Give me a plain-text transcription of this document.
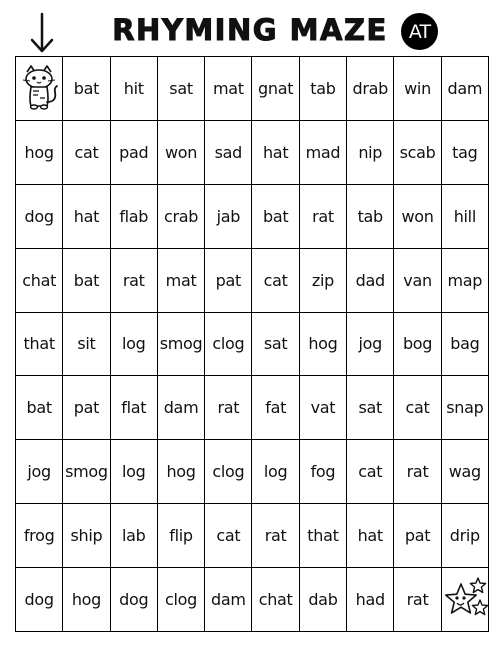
RHYMING MAZE	AT
bat hit sat mat gnat tab drab win dam
hog cat pad won sad hat mad nip scab tag
dog hat flab crab jab bat rat tab won hill
chat bat rat mat pat cat zip dad van map
that sit log smog clog sat hog jog bog bag
bat pat flat dam rat fat vat sat cat snap
jog smog log hog clog log fog cat rat wag
frog ship lab flip cat rat that hat pat drip
dog hog dog clog dam chat dab had rat
